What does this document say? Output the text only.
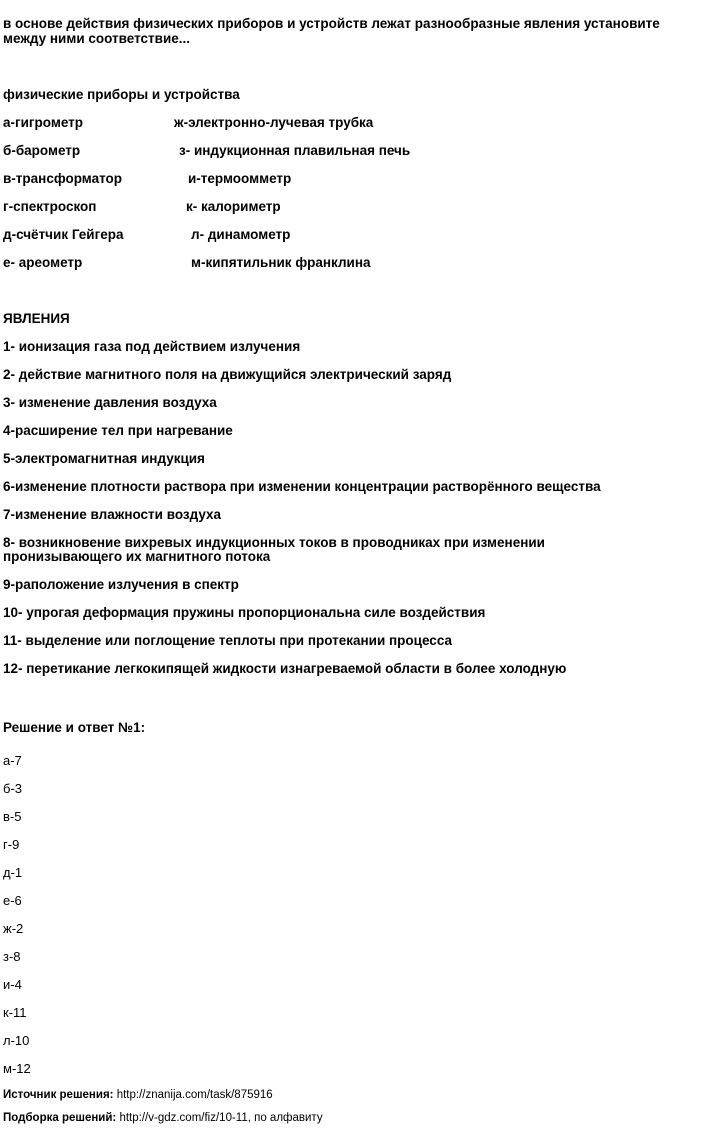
в основе действия физических приборов и устройств лежат разнообразные явления установите
между ними соответствие...
физические приборы и устройства
а-гигрометр
б-барометр
в-трансформатор
г-спектроскоп
д-счётчик Гейгера
е- ареометр
ж-электронно-лучевая трубка
з- индукционная плавильная печь
и-термоомметр
к- калориметр
л- динамометр
м-кипятильник франклина
ЯВЛЕНИЯ
1- ионизация газа под действием излучения
2- действие магнитного поля на движущийся электрический заряд
3- изменение давления воздуха
4-расширение тел при нагревание
5-электромагнитная индукция
6-изменение плотности раствора при изменении концентрации растворённого вещества
7-изменение влажности воздуха
8- возникновение вихревых индукционных токов в проводниках при изменении
пронизывающего их магнитного потока
9-раположение излучения в спектр
10- упрогая деформация пружины пропорциональна силе воздействия
11- выделение или поглощение теплоты при протекании процесса
12- перетикание легкокипящей жидкости изнагреваемой области в более холодную
Решение и ответ №1:
а-7
б-3
в-5
г-9
д-1
е-6
ж-2
з-8
и-4
к-11
л-10
м-12
Источник решения: http://znanija.com/task/875916
Подборка решений: http://v-gdz.com/fiz/10-11, по алфавиту
